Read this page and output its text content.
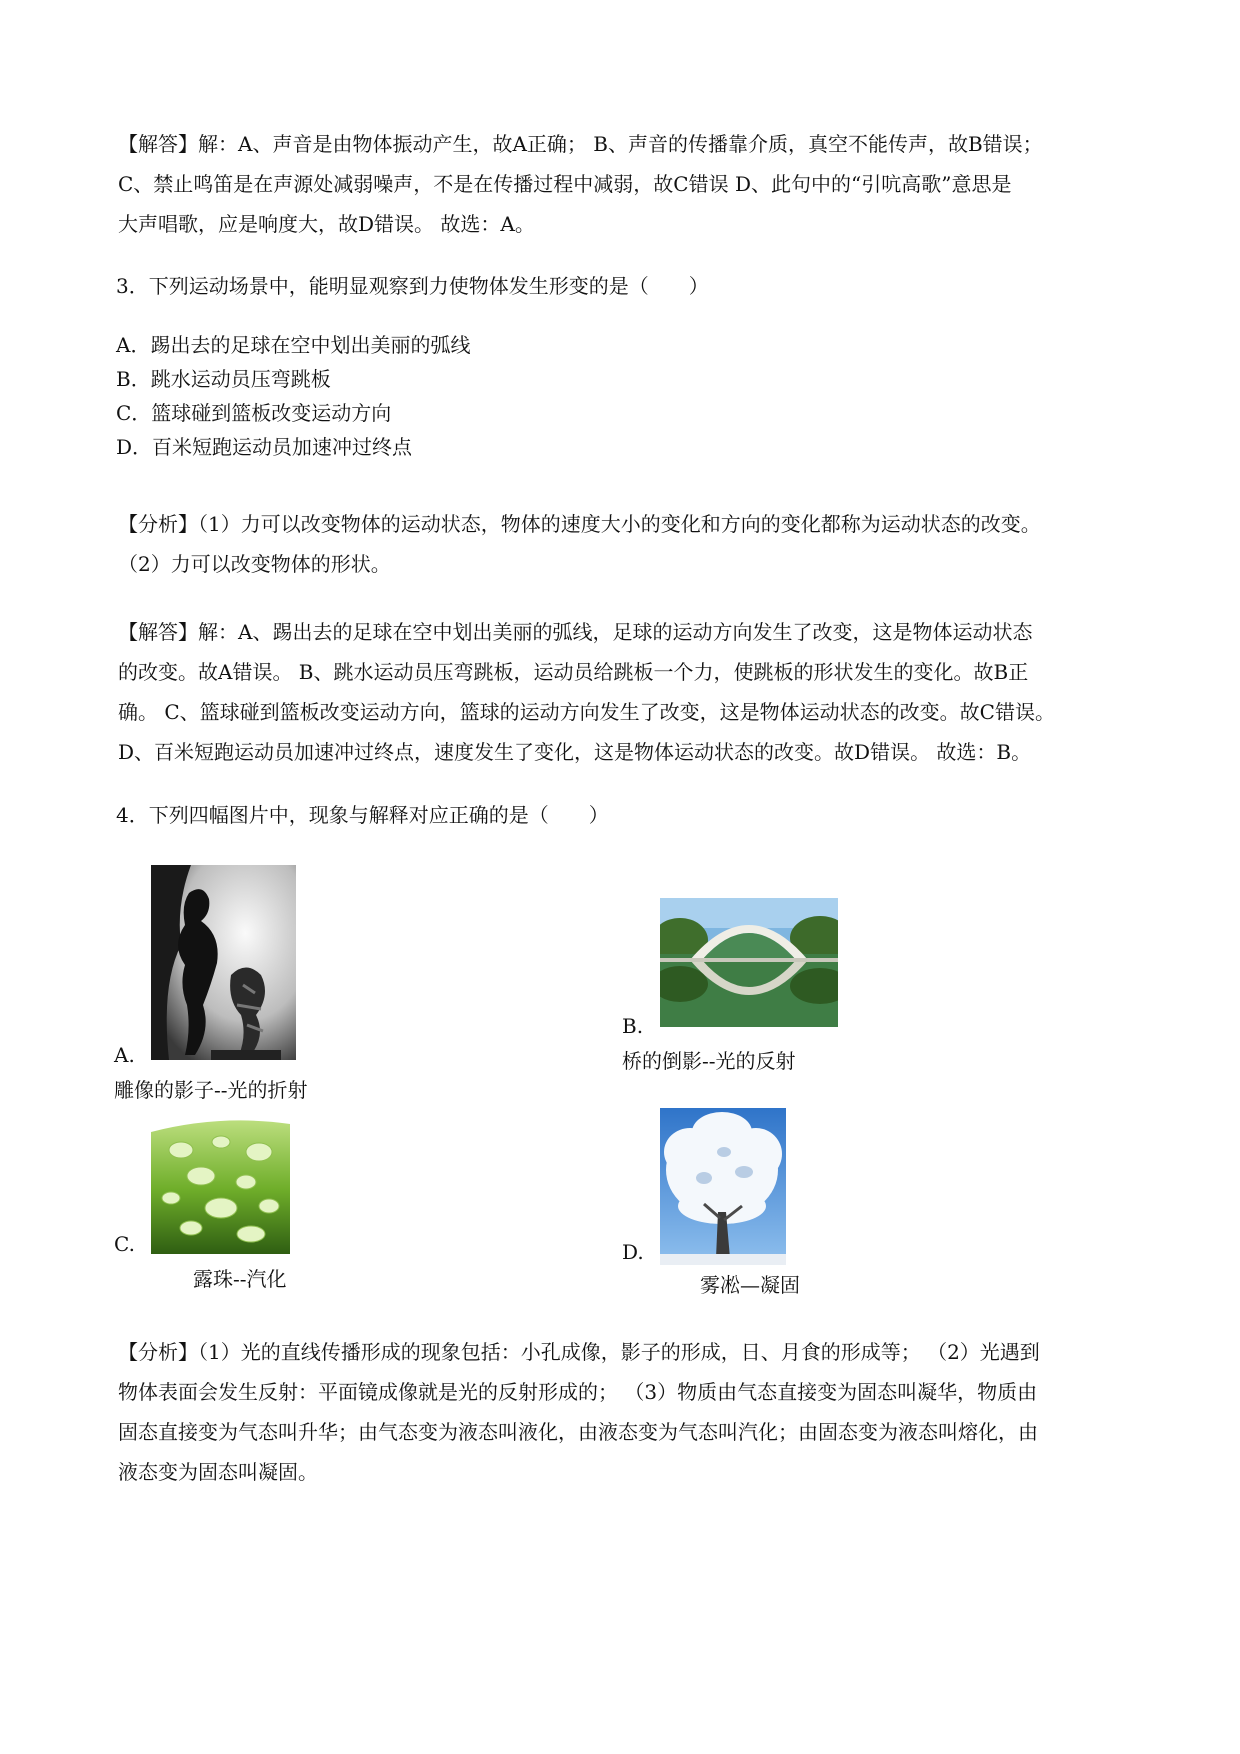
【解答】解：A、声音是由物体振动产生，故A正确； B、声音的传播靠介质，真空不能传声，故B错误；
C、禁止鸣笛是在声源处减弱噪声，不是在传播过程中减弱，故C错误 D、此句中的“引吭高歌”意思是
大声唱歌，应是响度大，故D错误。 故选：A。
3．下列运动场景中，能明显观察到力使物体发生形变的是（　　）
A．踢出去的足球在空中划出美丽的弧线
B．跳水运动员压弯跳板
C．篮球碰到篮板改变运动方向
D．百米短跑运动员加速冲过终点
【分析】（1）力可以改变物体的运动状态，物体的速度大小的变化和方向的变化都称为运动状态的改变。
（2）力可以改变物体的形状。
【解答】解：A、踢出去的足球在空中划出美丽的弧线，足球的运动方向发生了改变，这是物体运动状态
的改变。故A错误。 B、跳水运动员压弯跳板，运动员给跳板一个力，使跳板的形状发生的变化。故B正
确。 C、篮球碰到篮板改变运动方向，篮球的运动方向发生了改变，这是物体运动状态的改变。故C错误。
D、百米短跑运动员加速冲过终点，速度发生了变化，这是物体运动状态的改变。故D错误。 故选：B。
4．下列四幅图片中，现象与解释对应正确的是（　　）
A.
雕像的影子--光的折射
B.
桥的倒影--光的反射
C.
露珠--汽化
D.
雾凇—凝固
【分析】（1）光的直线传播形成的现象包括：小孔成像，影子的形成，日、月食的形成等； （2）光遇到
物体表面会发生反射：平面镜成像就是光的反射形成的； （3）物质由气态直接变为固态叫凝华，物质由
固态直接变为气态叫升华；由气态变为液态叫液化，由液态变为气态叫汽化；由固态变为液态叫熔化，由
液态变为固态叫凝固。
